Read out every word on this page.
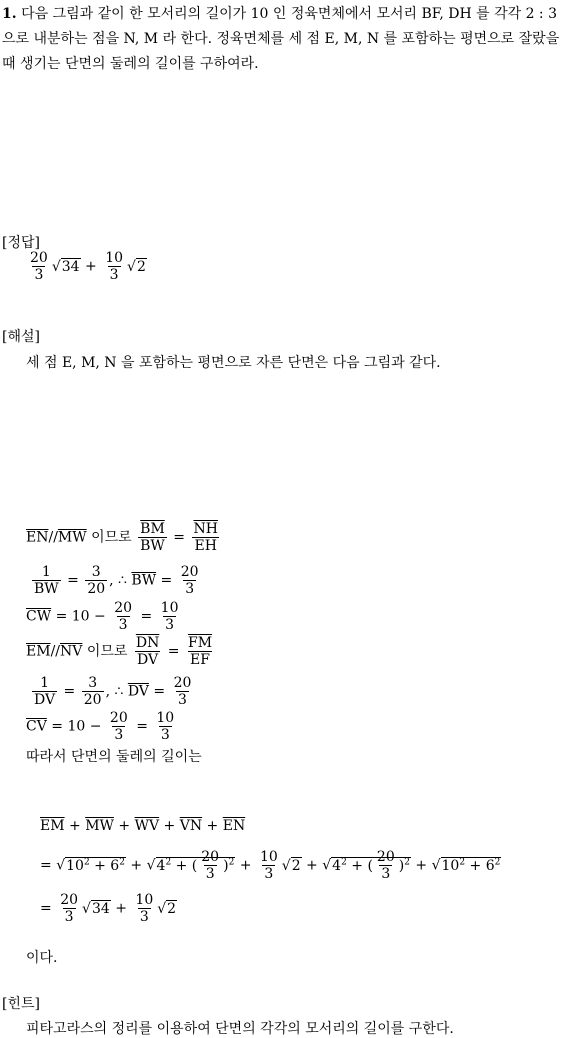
1. 다음 그림과 같이 한 모서리의 길이가 10 인 정육면체에서 모서리 BF, DH 를 각각 2 : 3 으로 내분하는 점을 N, M 라 한다. 정육면체를 세 점 E, M, N 를 포함하는 평면으로 잘랐을 때 생기는 단면의 둘레의 길이를 구하여라.
[정답]
$\frac{20}{3} √34 + \frac{10}{3} √2$
[해설]
세 점 E, M, N 을 포함하는 평면으로 자른 단면은 다음 그림과 같다.
$\overline{EN}//\overline{MW}$ 이므로 $\frac{\overline{BM}}{BW} = \frac{\overline{NH}}{EH}$
$\frac{1}{BW} = \frac{3}{20}$ , ∴ $\overline{BW} = \frac{20}{3}$
$\overline{CW} = 10 - \frac{20}{3} = \frac{10}{3}$
$\overline{EM}//\overline{NV}$ 이므로 $\frac{\overline{DN}}{DV} = \frac{\overline{FM}}{EF}$
$\frac{1}{DV} = \frac{3}{20}$ , ∴ $\overline{DV} = \frac{20}{3}$
$\overline{CV} = 10 - \frac{20}{3} = \frac{10}{3}$
따라서 단면의 둘레의 길이는
$\overline{EM} + \overline{MW} + \overline{WV} + \overline{VN} + \overline{EN}$
= $√10^2 + 6^2 + √4^2$ + ( $\frac{20}{3} )^2 + \frac{10}{3} √2 + √4^2$ + ( $\frac{20}{3} )^2 + √10^2 + 6^2$
= $\frac{20}{3} √34 + \frac{10}{3} √2$
이다.
[힌트]
피타고라스의 정리를 이용하여 단면의 각각의 모서리의 길이를 구한다.
